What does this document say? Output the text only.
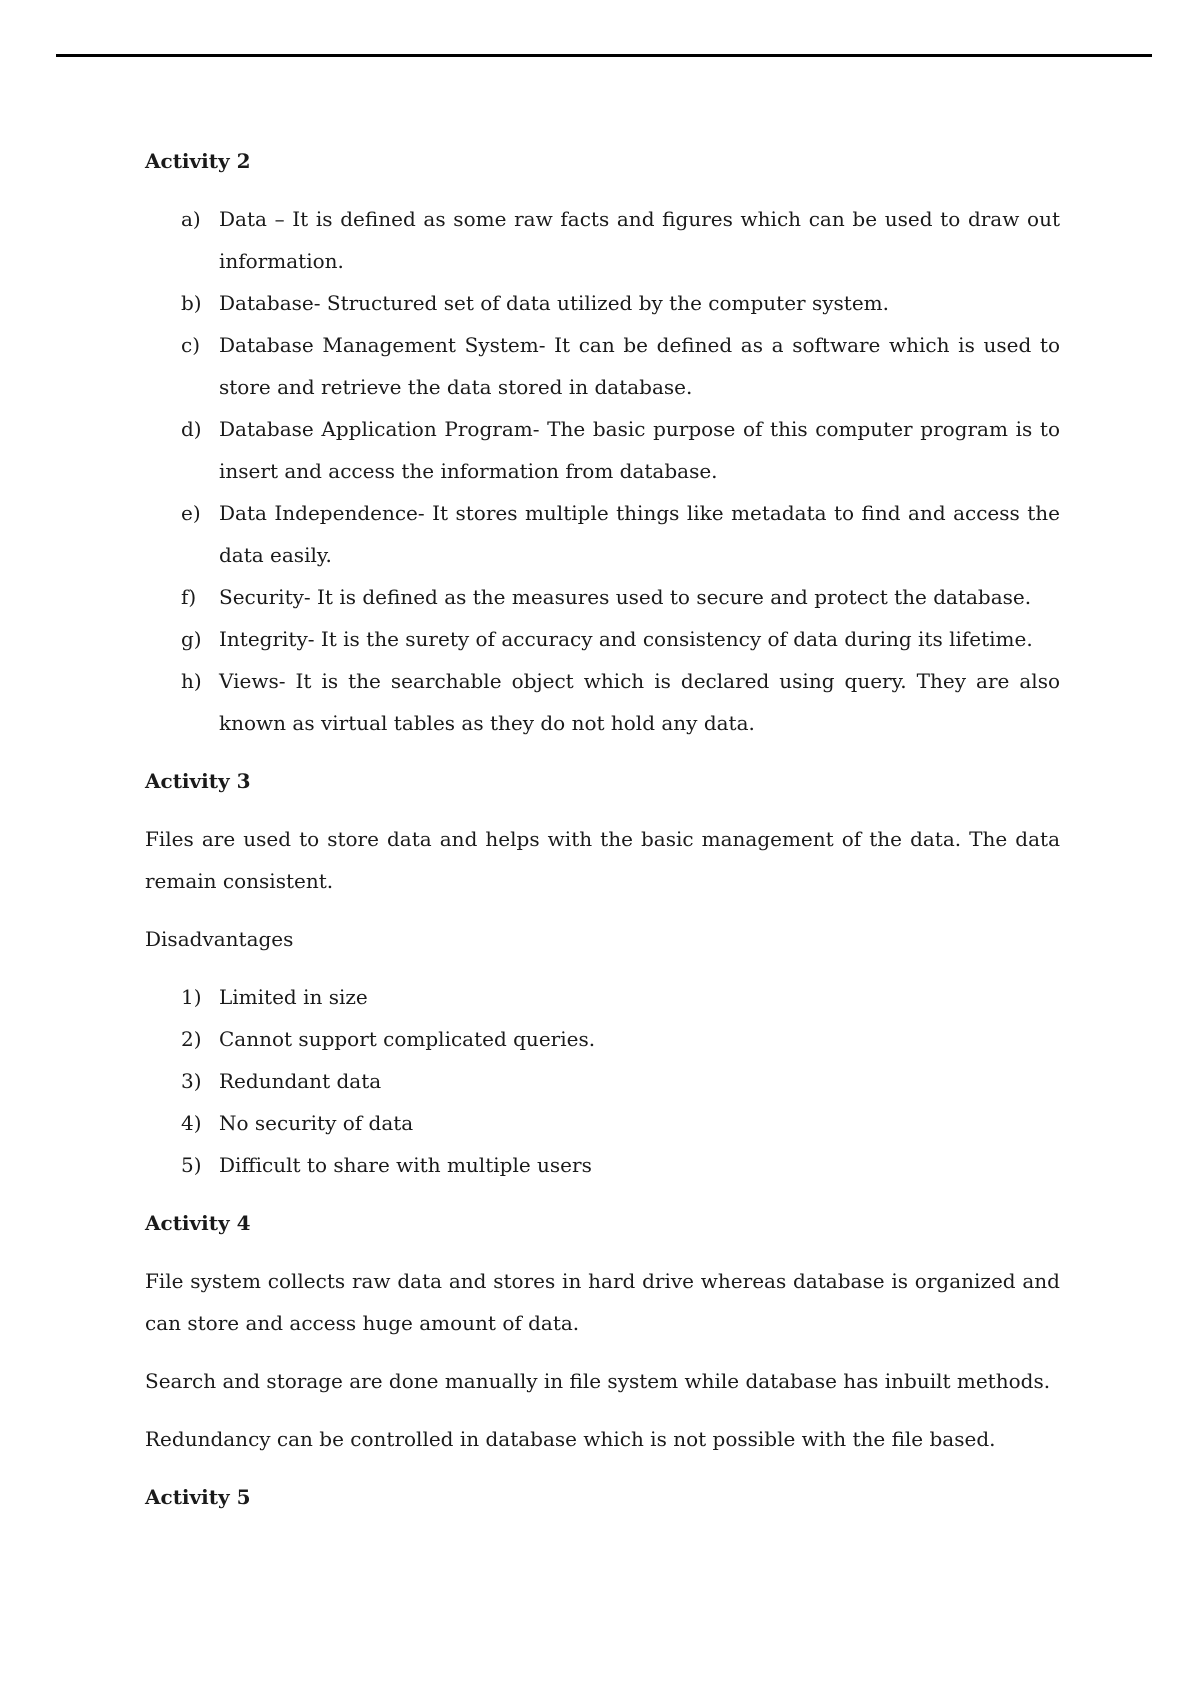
Activity 2
a) Data – It is defined as some raw facts and figures which can be used to draw out information.
b) Database- Structured set of data utilized by the computer system.
c) Database Management System- It can be defined as a software which is used to store and retrieve the data stored in database.
d) Database Application Program- The basic purpose of this computer program is to insert and access the information from database.
e) Data Independence- It stores multiple things like metadata to find and access the data easily.
f) Security- It is defined as the measures used to secure and protect the database.
g) Integrity- It is the surety of accuracy and consistency of data during its lifetime.
h) Views- It is the searchable object which is declared using query. They are also known as virtual tables as they do not hold any data.
Activity 3

Files are used to store data and helps with the basic management of the data. The data remain consistent.

Disadvantages

1) Limited in size
2) Cannot support complicated queries.
3) Redundant data
4) No security of data
5) Difficult to share with multiple users
Activity 4

File system collects raw data and stores in hard drive whereas database is organized and can store and access huge amount of data.

Search and storage are done manually in file system while database has inbuilt methods.

Redundancy can be controlled in database which is not possible with the file based.

Activity 5
